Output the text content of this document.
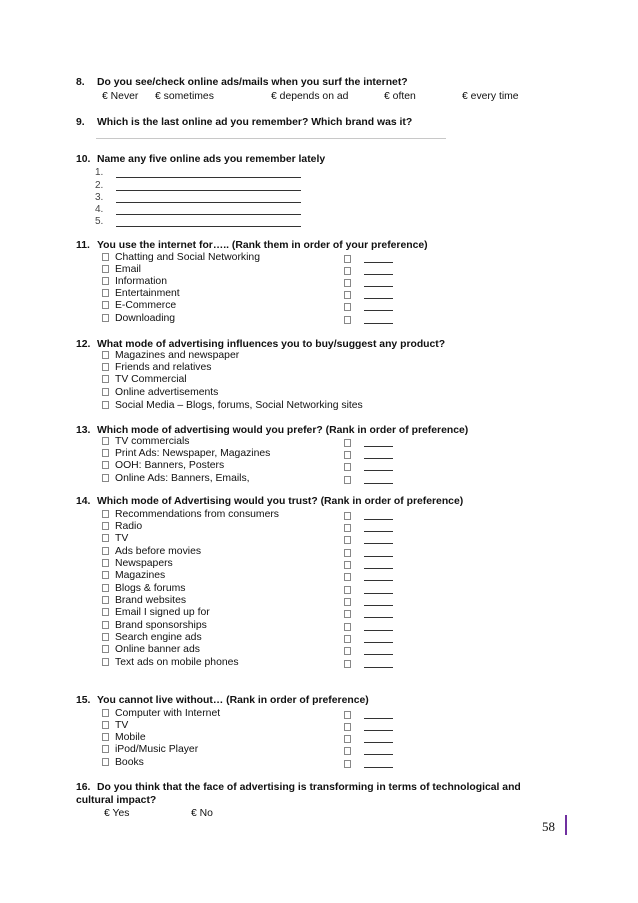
8. Do you see/check online ads/mails when you surf the internet?
€ Never € sometimes	€ depends on ad	€ often	€ every time
9. Which is the last online ad you remember? Which brand was it?
10. Name any five online ads you remember lately
1.
2.
3.
4.
5.
11. You use the internet for….. (Rank them in order of your preference)
Chatting and Social Networking
Email
Information
Entertainment
E-Commerce
Downloading
12. What mode of advertising influences you to buy/suggest any product?
Magazines and newspaper
Friends and relatives
TV Commercial
Online advertisements
Social Media – Blogs, forums, Social Networking sites
13. Which mode of advertising would you prefer? (Rank in order of preference)
TV commercials
Print Ads: Newspaper, Magazines
OOH: Banners, Posters
Online Ads: Banners, Emails,
14. Which mode of Advertising would you trust? (Rank in order of preference)
Recommendations from consumers
Radio
TV
Ads before movies
Newspapers
Magazines
Blogs & forums
Brand websites
Email I signed up for
Brand sponsorships
Search engine ads
Online banner ads
Text ads on mobile phones
15. You cannot live without… (Rank in order of preference)
Computer with Internet
TV
Mobile
iPod/Music Player
Books
16. Do you think that the face of advertising is transforming in terms of technological and cultural impact?
€ Yes	€ No
58
